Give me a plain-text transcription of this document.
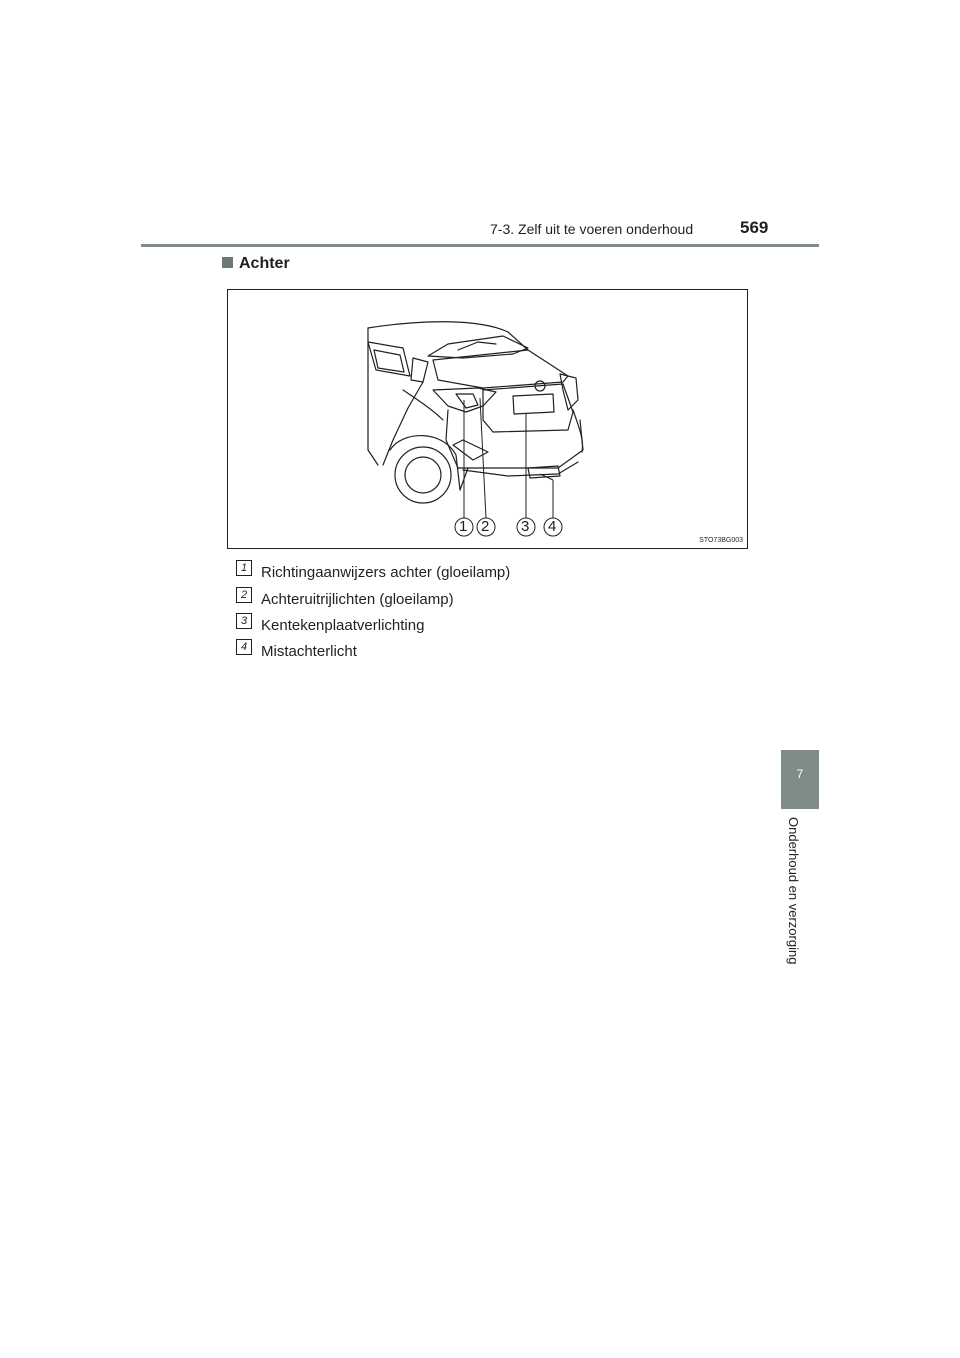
7-3. Zelf uit te voeren onderhoud	569
Achter
1 2 3 4
STO73BG003
1 Richtingaanwijzers achter (gloeilamp)
2 Achteruitrijlichten (gloeilamp)
3 Kentekenplaatverlichting
4 Mistachterlicht
7
Onderhoud en verzorging
